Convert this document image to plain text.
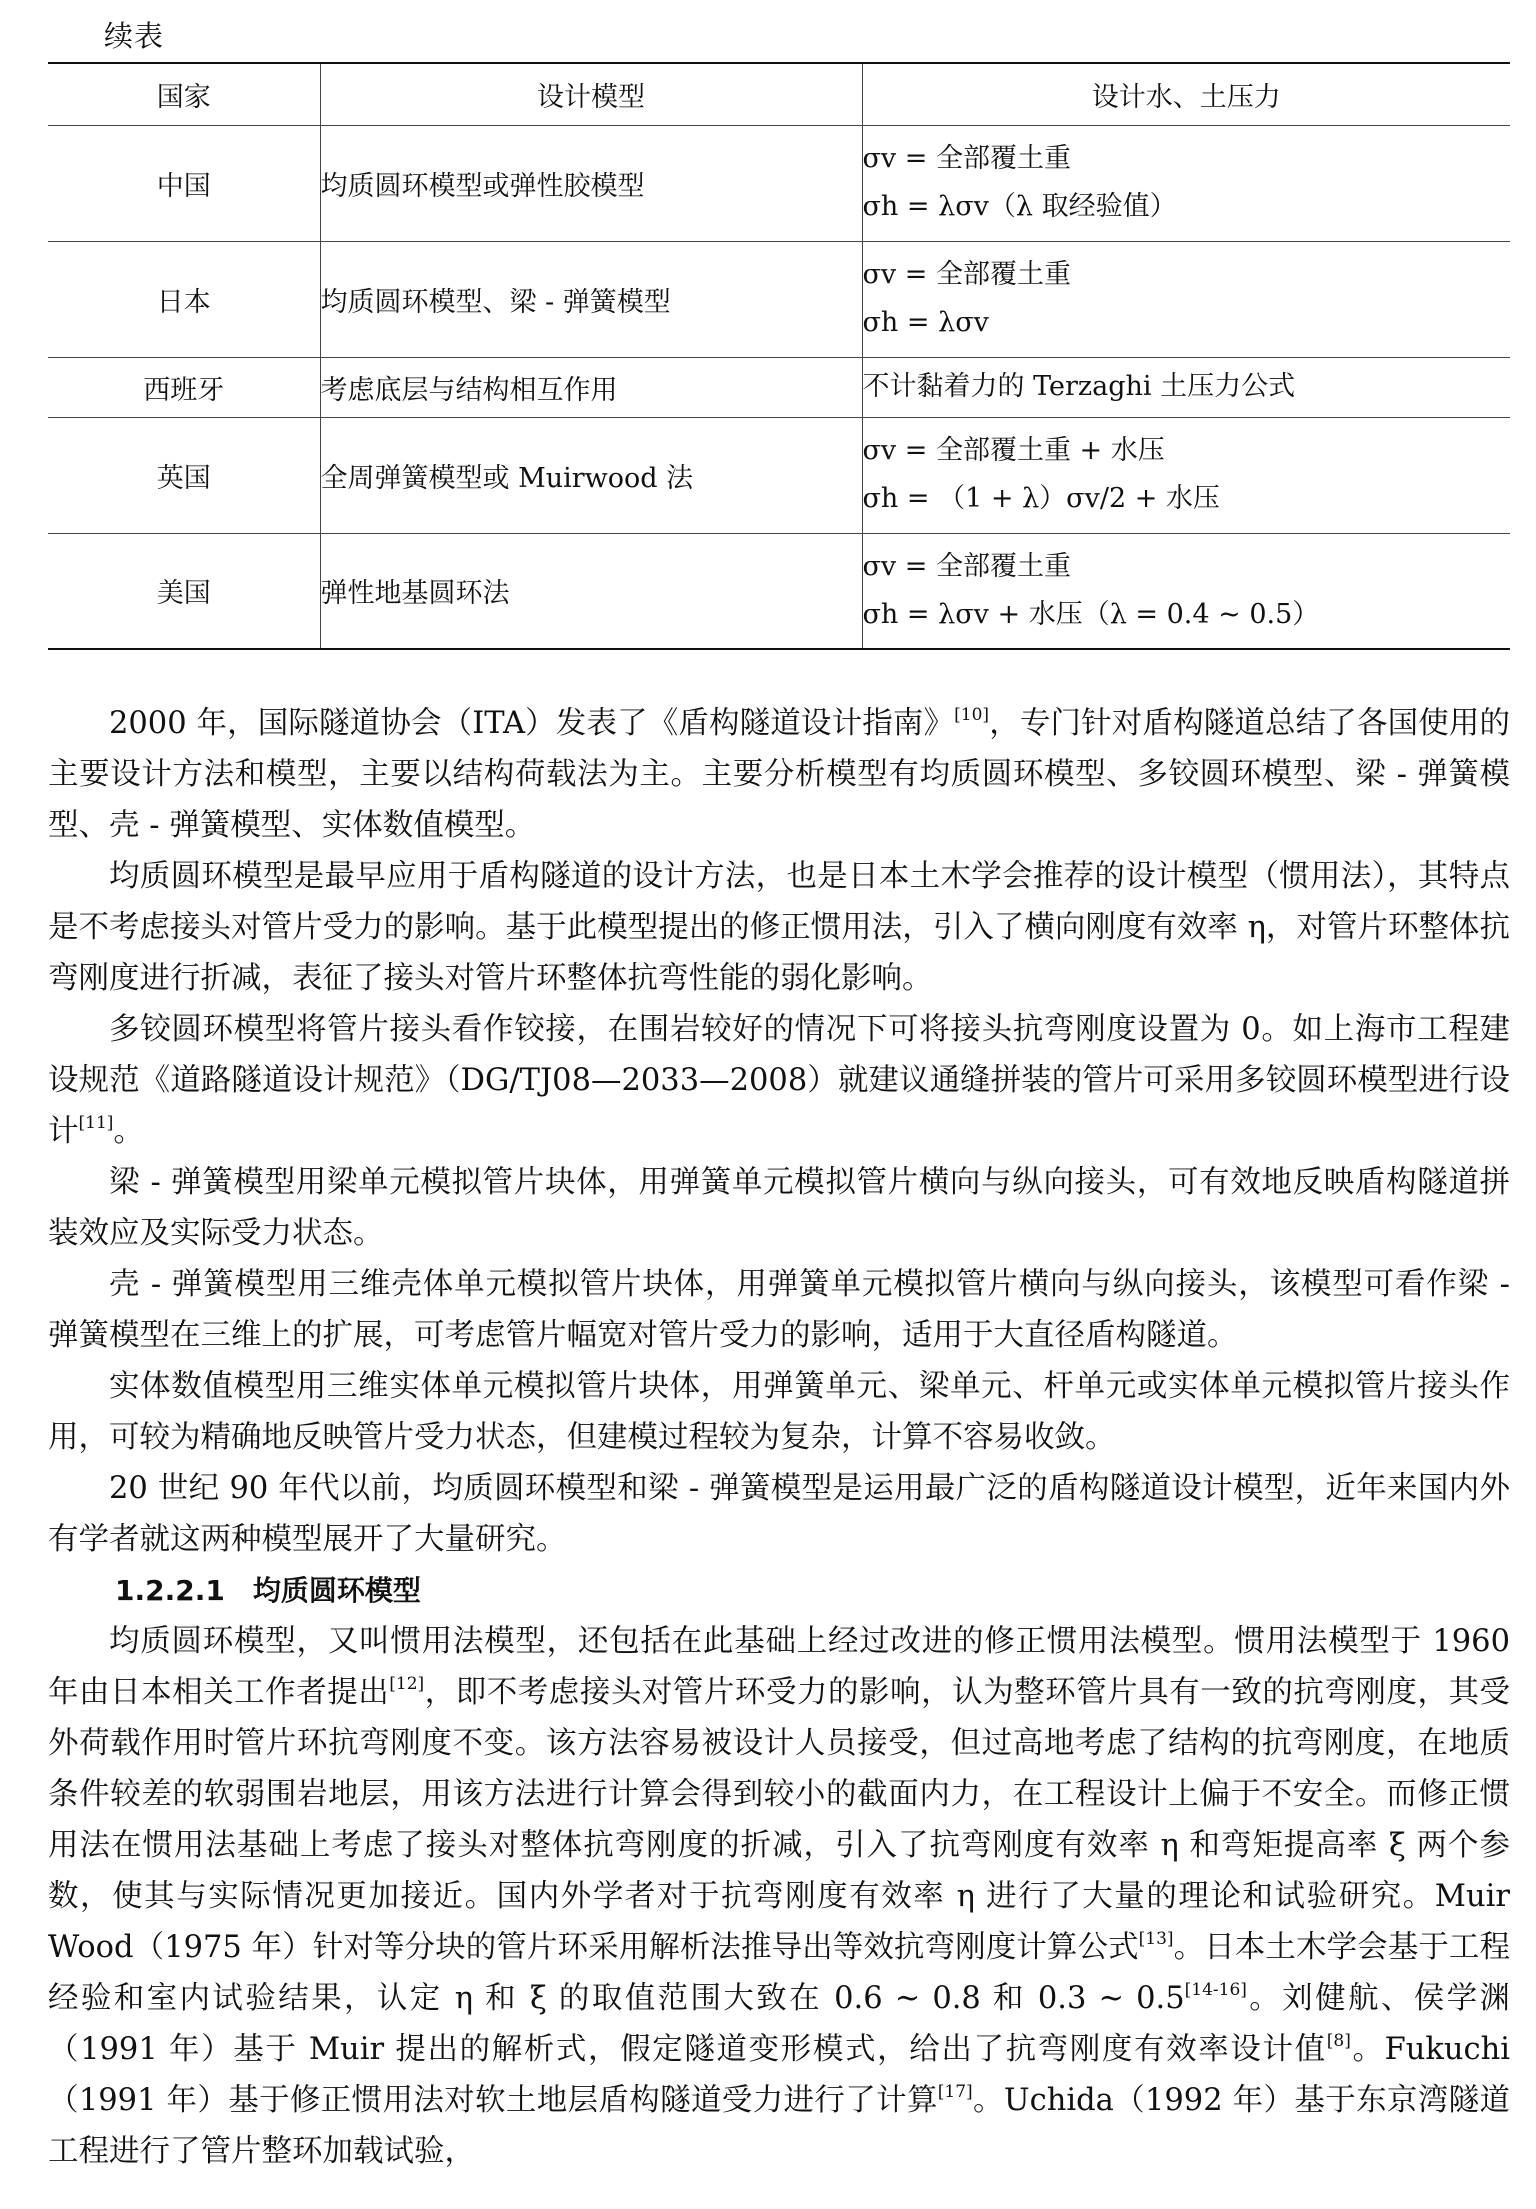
续表
国家	设计模型	设计水、土压力
中国	均质圆环模型或弹性胶模型	σv = 全部覆土重
σh = λσv（λ 取经验值）

日本	均质圆环模型、梁 - 弹簧模型	σv = 全部覆土重
σh = λσv

西班牙	考虑底层与结构相互作用	不计黏着力的 Terzaghi 土压力公式

英国	全周弹簧模型或 Muirwood 法	σv = 全部覆土重 + 水压
σh = （1 + λ）σv/2 + 水压

美国	弹性地基圆环法	σv = 全部覆土重
σh = λσv + 水压（λ = 0.4 ~ 0.5）

2000 年，国际隧道协会（ITA）发表了《盾构隧道设计指南》[10]，专门针对盾构隧道总结了各国使用的主要设计方法和模型，主要以结构荷载法为主。主要分析模型有均质圆环模型、多铰圆环模型、梁 - 弹簧模型、壳 - 弹簧模型、实体数值模型。

均质圆环模型是最早应用于盾构隧道的设计方法，也是日本土木学会推荐的设计模型（惯用法），其特点是不考虑接头对管片受力的影响。基于此模型提出的修正惯用法，引入了横向刚度有效率 η，对管片环整体抗弯刚度进行折减，表征了接头对管片环整体抗弯性能的弱化影响。

多铰圆环模型将管片接头看作铰接，在围岩较好的情况下可将接头抗弯刚度设置为 0。如上海市工程建设规范《道路隧道设计规范》（DG/TJ08—2033—2008）就建议通缝拼装的管片可采用多铰圆环模型进行设计[11]。

梁 - 弹簧模型用梁单元模拟管片块体，用弹簧单元模拟管片横向与纵向接头，可有效地反映盾构隧道拼装效应及实际受力状态。

壳 - 弹簧模型用三维壳体单元模拟管片块体，用弹簧单元模拟管片横向与纵向接头，该模型可看作梁 - 弹簧模型在三维上的扩展，可考虑管片幅宽对管片受力的影响，适用于大直径盾构隧道。

实体数值模型用三维实体单元模拟管片块体，用弹簧单元、梁单元、杆单元或实体单元模拟管片接头作用，可较为精确地反映管片受力状态，但建模过程较为复杂，计算不容易收敛。

20 世纪 90 年代以前，均质圆环模型和梁 - 弹簧模型是运用最广泛的盾构隧道设计模型，近年来国内外有学者就这两种模型展开了大量研究。

1.2.2.1　均质圆环模型

均质圆环模型，又叫惯用法模型，还包括在此基础上经过改进的修正惯用法模型。惯用法模型于 1960 年由日本相关工作者提出[12]，即不考虑接头对管片环受力的影响，认为整环管片具有一致的抗弯刚度，其受外荷载作用时管片环抗弯刚度不变。该方法容易被设计人员接受，但过高地考虑了结构的抗弯刚度，在地质条件较差的软弱围岩地层，用该方法进行计算会得到较小的截面内力，在工程设计上偏于不安全。而修正惯用法在惯用法基础上考虑了接头对整体抗弯刚度的折减，引入了抗弯刚度有效率 η 和弯矩提高率 ξ 两个参数，使其与实际情况更加接近。国内外学者对于抗弯刚度有效率 η 进行了大量的理论和试验研究。Muir Wood（1975 年）针对等分块的管片环采用解析法推导出等效抗弯刚度计算公式[13]。日本土木学会基于工程经验和室内试验结果，认定 η 和 ξ 的取值范围大致在 0.6 ~ 0.8 和 0.3 ~ 0.5[14-16]。刘健航、侯学渊（1991 年）基于 Muir 提出的解析式，假定隧道变形模式，给出了抗弯刚度有效率设计值[8]。Fukuchi（1991 年）基于修正惯用法对软土地层盾构隧道受力进行了计算[17]。Uchida（1992 年）基于东京湾隧道工程进行了管片整环加载试验，
